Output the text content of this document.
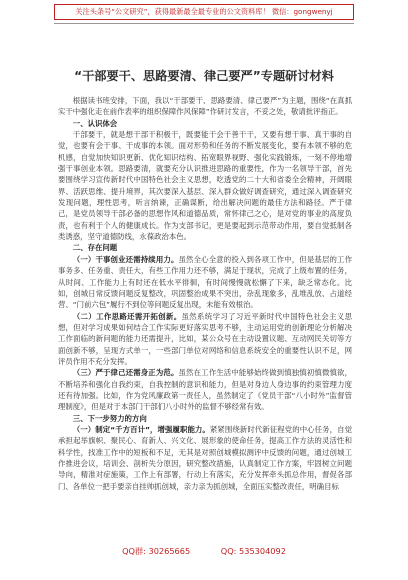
关注头条号“公文研究”，获得最新最全最专业的公文资料库！ 微信：gongwenyj
“干部要干、思路要清、律己要严”专题研讨材料

根据读书班安排，下面，我以“干部要干、思路要清、律己要严”为主题，围绕“在真抓实干中强化走在前作表率的组织保障作风保障”作研讨发言，不妥之处，敬请批评指正。

一、认识体会

干部要干，就是想干部干积极干，既要能干会干善干干，又要有想干事、真干事的自觉，也要有会干事、干成事的本领。面对形势和任务的不断发展变化，要有本领不够的危机感，自觉加快知识更新、优化知识结构、拓宽眼界视野、强化实践锻炼，一刻不停地增强干事创业本领。思路要清，就要充分认识推进思路的重要性，作为一名领导干部，首先要围绕学习宣传新时代中国特色社会主义思想，吃透党的二十大和省委全会精神，开阔眼界、活跃思维、提升境界，其次要深入基层、深入群众做好调查研究，通过深入调查研究发现问题，理性思考，听言纳谏，正确谋断，给出解决问题的最佳方法和路径。严于律己，是党员领导干部必备的思想作风和道德品质，常怀律己之心，是对党的事业的高度负责，也有利于个人的健康成长。作为支部书记，更是要起到示范带动作用，要自觉抵制各类诱惑，坚守道德防线，永葆政治本色。

二、存在问题

（一）干事创业还需持续用力。虽然全心全意的投入到各项工作中，但是基层的工作事务多、任务重、责任大，有些工作用力还不够，满足于现状，完成了上级布置的任务，从时间、工作能力上有时还在低水平徘徊，有时间慢慢就松懈了下来，缺乏常态化。比如，创城日常反馈问题反复整改，巩固整治成果不突出，杂乱现象多，乱堆乱放、占道经营、“门前六包”履行不到位等问题反复出现，未能有效根治。

（二）工作思路还需开拓创新。虽然系统学习了习近平新时代中国特色社会主义思想，但对学习成果如何结合工作实际更好落实思考不够，主动运用党的创新理论分析解决工作面临的新问题的能力还需提升，比如，某公众号在主动设置议题、互动网民关切等方面创新不够，呈现方式单一，一些部门单位对网络和信息系统安全的重要性认识不足，网评员作用不充分发挥。

（三）严于律己还需身正为范。虽然在工作生活中能够始终做到慎独慎初慎微慎欲，不断培养和强化自我约束，自我控制的意识和能力，但是对身边人身边事的约束管理力度还有待加强。比如，作为党风廉政第一责任人，虽然制定了《党员干部“八小时外”监督管理制度》，但是对于本部门干部们八小时外的监督不够经常有效。

三、下一步努力的方向

（一）制定“千方百计”，增强履职能力。紧紧围绕新时代新征程党的中心任务，自觉承担起举旗帜、聚民心、育新人、兴文化、展形象的使命任务，提高工作方法的灵活性和科学性，找准工作中的短板和不足，无其是对照创城模拟测评中反馈的问题，通过创城工作推进会议，培训会、剖析失分原因，研究整改措施，认真制定工作方案，牢固树立问题导向，精准对症施策，工作上有部署，行动上有落实，充分发挥牵头抓总作用，督促各部门、各单位一把手要亲自挂帅抓创城，亲力亲为抓创城，全面压实整改责任，明确目标

QQ群: 30265665	QQ: 535304092
